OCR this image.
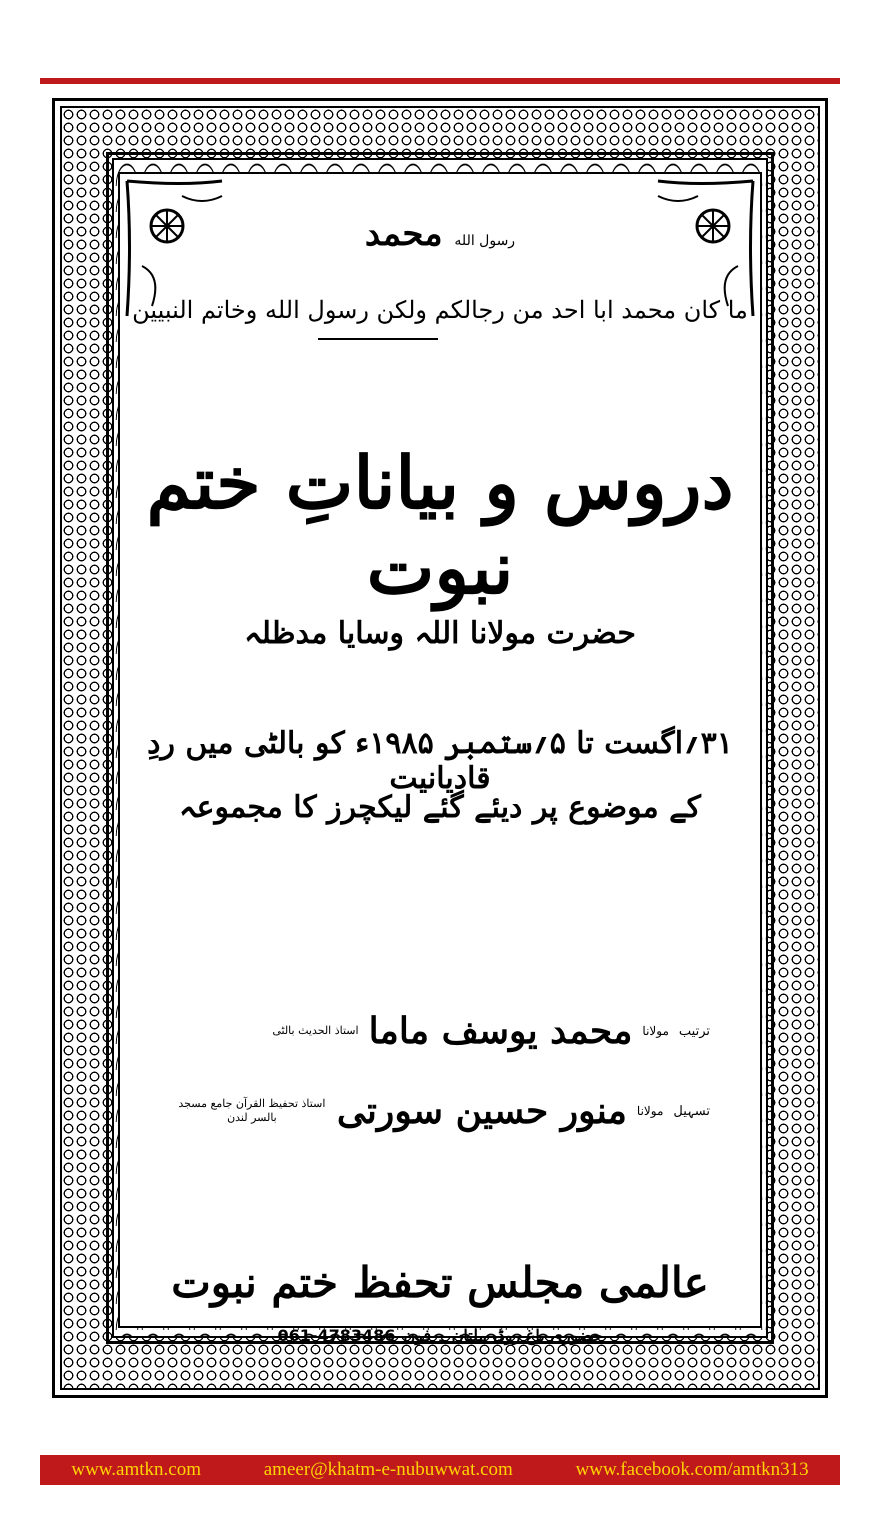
رسول الله محمد
ما كان محمد ابا احد من رجالكم ولكن رسول الله وخاتم النبيين
دروس و بیاناتِ ختم نبوت
حضرت مولانا اللہ وسایا مدظلہ
۳۱؍اگست تا ۵؍ستمبر ۱۹۸۵ء کو بالٹی میں ردِ قادیانیت
کے موضوع پر دیئے گئے لیکچرز کا مجموعہ
ترتیب
مولانا
محمد یوسف ماما
استاذ الحدیث بالٹی
تسہیل
مولانا
منور حسین سورتی
استاذ تحفیظ القرآن جامع مسجد بالسر لندن
عالمی مجلس تحفظ ختم نبوت
حضوری باغ روڈ، ملتان ۔ فون
061-4783486
www.amtkn.com	ameer@khatm-e-nubuwwat.com	www.facebook.com/amtkn313
